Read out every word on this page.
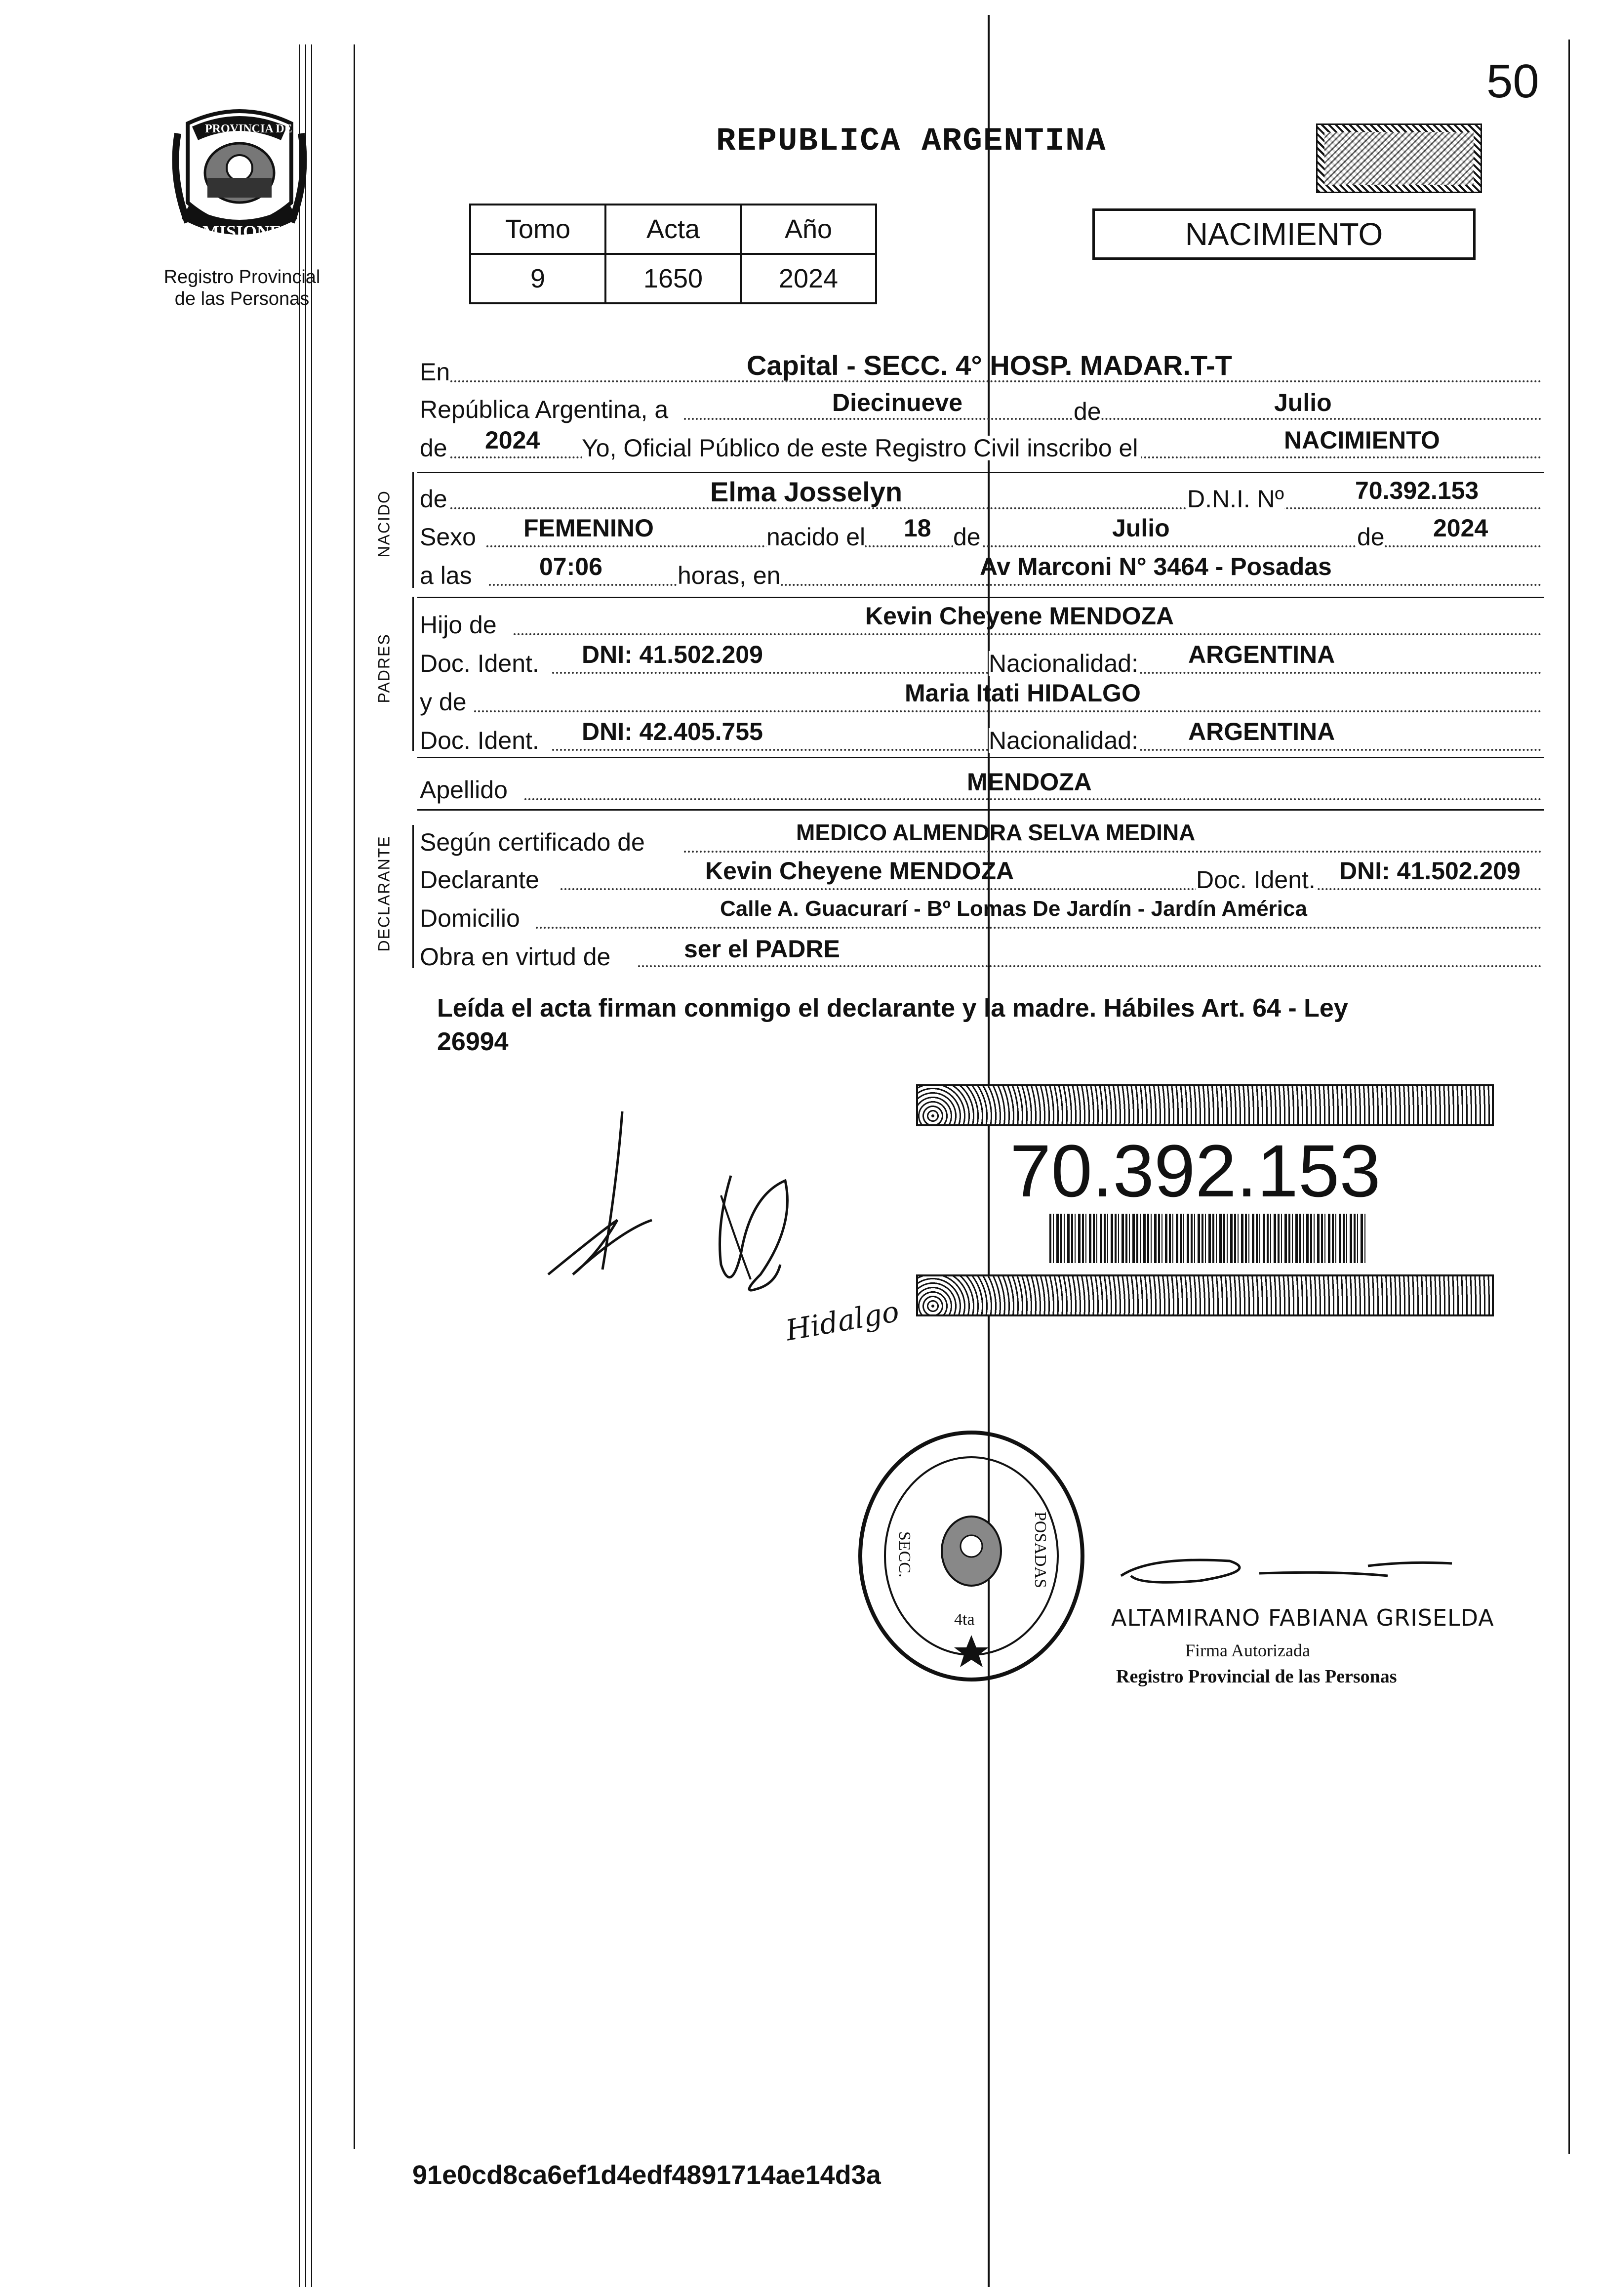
50
PROVINCIA DE
MISIONES
Registro Provincial
de las Personas
REPUBLICA ARGENTINA
Tomo	Acta	Año
9	1650	2024
NACIMIENTO
En	Capital - SECC. 4° HOSP. MADAR.T-T
República Argentina, a	Diecinueve	de	Julio
de 2024 Yo, Oficial Público de este Registro Civil inscribo el	NACIMIENTO
NACIDO de	Elma Josselyn	D.N.I. Nº	70.392.153
Sexo FEMENINO	nacido el 18 de	Julio	de 2024
a las	07:06	horas, en	Av Marconi N° 3464 - Posadas
PADRES
Hijo de	Kevin Cheyene MENDOZA
Doc. Ident. DNI: 41.502.209	Nacionalidad: ARGENTINA
y de	Maria Itati HIDALGO
Doc. Ident. DNI: 42.405.755	Nacionalidad: ARGENTINA
Apellido	MENDOZA
DECLARANTE Según certificado de	MEDICO ALMENDRA SELVA MEDINA
Declarante	Kevin Cheyene MENDOZA	Doc. Ident. DNI: 41.502.209
Domicilio	Calle A. Guacurarí - Bº Lomas De Jardín - Jardín América
Obra en virtud de	ser el PADRE
Leída el acta firman conmigo el declarante y la madre. Hábiles Art. 64 - Ley
26994
70.392.153
Hidalgo
SECC.	POSADAS
4ta	ALTAMIRANO FABIANA GRISELDA
Firma Autorizada
Registro Provincial de las Personas
91e0cd8ca6ef1d4edf4891714ae14d3a
